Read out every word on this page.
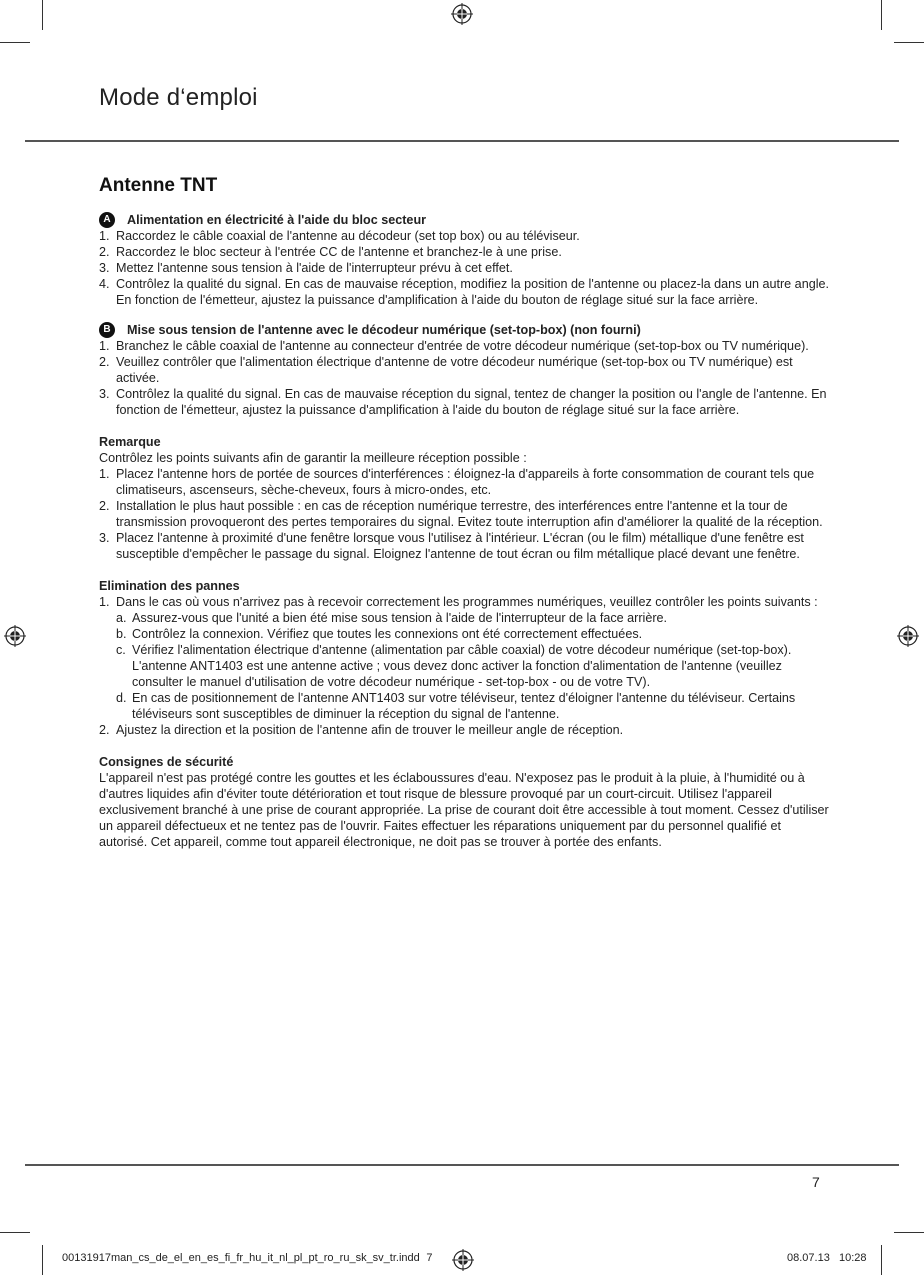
Mode d‘emploi
Antenne TNT
A	Alimentation en électricité à l'aide du bloc secteur
1. Raccordez le câble coaxial de l'antenne au décodeur (set top box) ou au téléviseur.
2. Raccordez le bloc secteur à l'entrée CC de l'antenne et branchez-le à une prise.
3. Mettez l'antenne sous tension à l'aide de l'interrupteur prévu à cet effet.
4. Contrôlez la qualité du signal. En cas de mauvaise réception, modifiez la position de l'antenne ou placez-la dans un autre angle. En fonction de l'émetteur, ajustez la puissance d'amplification à l'aide du bouton de réglage situé sur la face arrière.
B	Mise sous tension de l'antenne avec le décodeur numérique (set-top-box) (non fourni)
1. Branchez le câble coaxial de l'antenne au connecteur d'entrée de votre décodeur numérique (set-top-box ou TV numérique).
2. Veuillez contrôler que l'alimentation électrique d'antenne de votre décodeur numérique (set-top-box ou TV numérique) est activée.
3. Contrôlez la qualité du signal. En cas de mauvaise réception du signal, tentez de changer la position ou l'angle de l'antenne. En fonction de l'émetteur, ajustez la puissance d'amplification à l'aide du bouton de réglage situé sur la face arrière.

Remarque

Contrôlez les points suivants afin de garantir la meilleure réception possible :

1. Placez l'antenne hors de portée de sources d'interférences : éloignez-la d'appareils à forte consommation de courant tels que climatiseurs, ascenseurs, sèche-cheveux, fours à micro-ondes, etc.
2. Installation le plus haut possible : en cas de réception numérique terrestre, des interférences entre l'antenne et la tour de transmission provoqueront des pertes temporaires du signal. Evitez toute interruption afin d'améliorer la qualité de la réception.
3. Placez l'antenne à proximité d'une fenêtre lorsque vous l'utilisez à l'intérieur. L'écran (ou le film) métallique d'une fenêtre est susceptible d'empêcher le passage du signal. Eloignez l'antenne de tout écran ou film métallique placé devant une fenêtre.

Elimination des pannes

1. Dans le cas où vous n'arrivez pas à recevoir correctement les programmes numériques, veuillez contrôler les points suivants :
a. Assurez-vous que l'unité a bien été mise sous tension à l'aide de l'interrupteur de la face arrière.
b. Contrôlez la connexion. Vérifiez que toutes les connexions ont été correctement effectuées.
c. Vérifiez l'alimentation électrique d'antenne (alimentation par câble coaxial) de votre décodeur numérique (set-top-box). L'antenne ANT1403 est une antenne active ; vous devez donc activer la fonction d'alimentation de l'antenne (veuillez consulter le manuel d'utilisation de votre décodeur numérique - set-top-box - ou de votre TV).
d. En cas de positionnement de l'antenne ANT1403 sur votre téléviseur, tentez d'éloigner l'antenne du téléviseur. Certains téléviseurs sont susceptibles de diminuer la réception du signal de l'antenne.
2. Ajustez la direction et la position de l'antenne afin de trouver le meilleur angle de réception.

Consignes de sécurité

L'appareil n'est pas protégé contre les gouttes et les éclaboussures d'eau. N'exposez pas le produit à la pluie, à l'humidité ou à d'autres liquides afin d'éviter toute détérioration et tout risque de blessure provoqué par un court-circuit. Utilisez l'appareil exclusivement branché à une prise de courant appropriée. La prise de courant doit être accessible à tout moment. Cessez d'utiliser un appareil défectueux et ne tentez pas de l'ouvrir. Faites effectuer les réparations uniquement par du personnel qualifié et autorisé. Cet appareil, comme tout appareil électronique, ne doit pas se trouver à portée des enfants.

7
00131917man_cs_de_el_en_es_fi_fr_hu_it_nl_pl_pt_ro_ru_sk_sv_tr.indd    7	08.07.13 10:28
